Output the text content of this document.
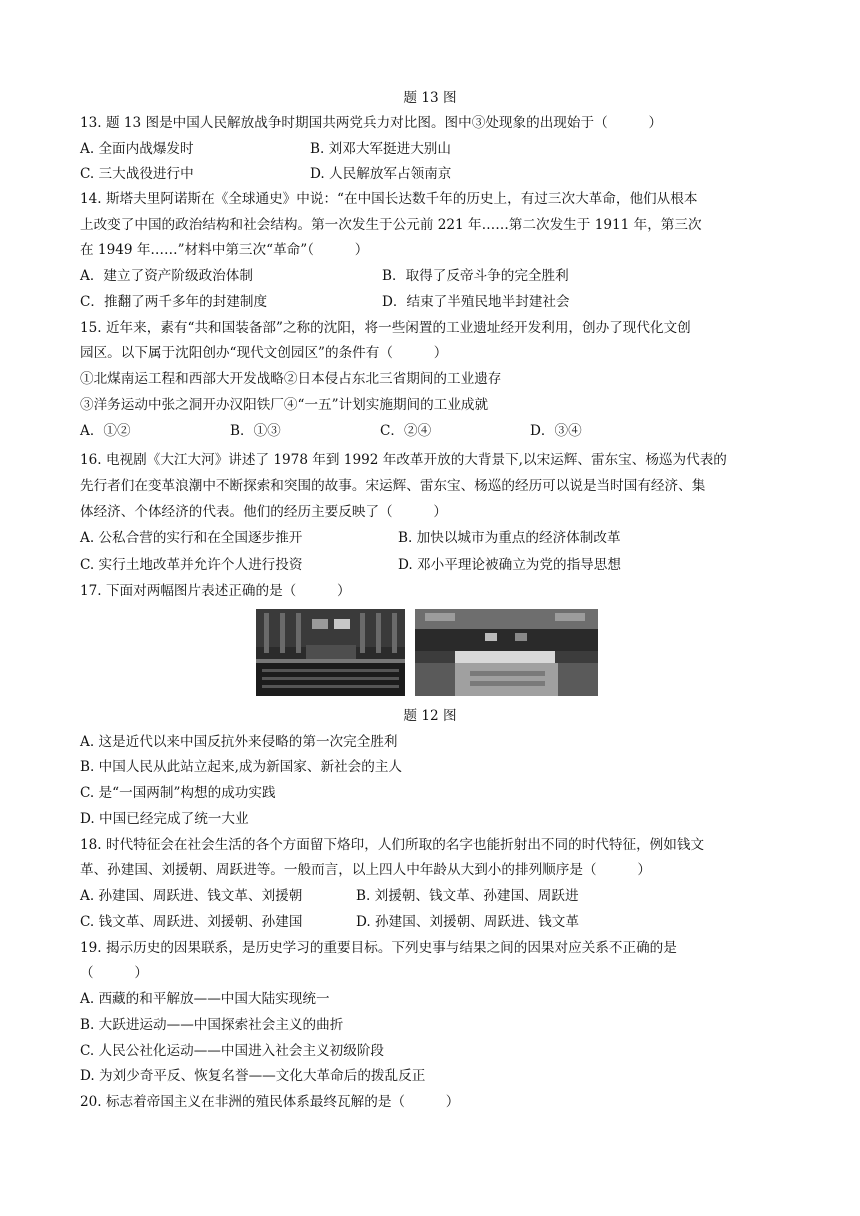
题 13 图
13. 题 13 图是中国人民解放战争时期国共两党兵力对比图。图中③处现象的出现始于（　　　）
A. 全面内战爆发时	B. 刘邓大军挺进大别山
C. 三大战役进行中	D. 人民解放军占领南京
14. 斯塔夫里阿诺斯在《全球通史》中说：“在中国长达数千年的历史上，有过三次大革命，他们从根本
上改变了中国的政治结构和社会结构。第一次发生于公元前 221 年……第二次发生于 1911 年，第三次
在 1949 年……”材料中第三次“革命”（　　　）
A．建立了资产阶级政治体制	B．取得了反帝斗争的完全胜利
C．推翻了两千多年的封建制度	D．结束了半殖民地半封建社会
15. 近年来，素有“共和国装备部”之称的沈阳，将一些闲置的工业遗址经开发利用，创办了现代化文创
园区。以下属于沈阳创办“现代文创园区”的条件有（　　　）
①北煤南运工程和西部大开发战略②日本侵占东北三省期间的工业遗存
③洋务运动中张之洞开办汉阳铁厂④“一五”计划实施期间的工业成就
A．①②	B．①③	C．②④	D．③④
16. 电视剧《大江大河》讲述了 1978 年到 1992 年改革开放的大背景下,以宋运辉、雷东宝、杨巡为代表的
先行者们在变革浪潮中不断探索和突围的故事。宋运辉、雷东宝、杨巡的经历可以说是当时国有经济、集
体经济、个体经济的代表。他们的经历主要反映了（　　　）
A. 公私合营的实行和在全国逐步推开	B. 加快以城市为重点的经济体制改革
C. 实行土地改革并允许个人进行投资	D. 邓小平理论被确立为党的指导思想
17. 下面对两幅图片表述正确的是（　　　）
题 12 图
A. 这是近代以来中国反抗外来侵略的第一次完全胜利
B. 中国人民从此站立起来,成为新国家、新社会的主人
C. 是“一国两制”构想的成功实践
D. 中国已经完成了统一大业
18. 时代特征会在社会生活的各个方面留下烙印，人们所取的名字也能折射出不同的时代特征，例如钱文
革、孙建国、刘援朝、周跃进等。一般而言，以上四人中年龄从大到小的排列顺序是（　　　）
A. 孙建国、周跃进、钱文革、刘援朝	B. 刘援朝、钱文革、孙建国、周跃进
C. 钱文革、周跃进、刘援朝、孙建国	D. 孙建国、刘援朝、周跃进、钱文革
19. 揭示历史的因果联系，是历史学习的重要目标。下列史事与结果之间的因果对应关系不正确的是
（　　　）
A. 西藏的和平解放——中国大陆实现统一
B. 大跃进运动——中国探索社会主义的曲折
C. 人民公社化运动——中国进入社会主义初级阶段
D. 为刘少奇平反、恢复名誉——文化大革命后的拨乱反正
20. 标志着帝国主义在非洲的殖民体系最终瓦解的是（　　　）
